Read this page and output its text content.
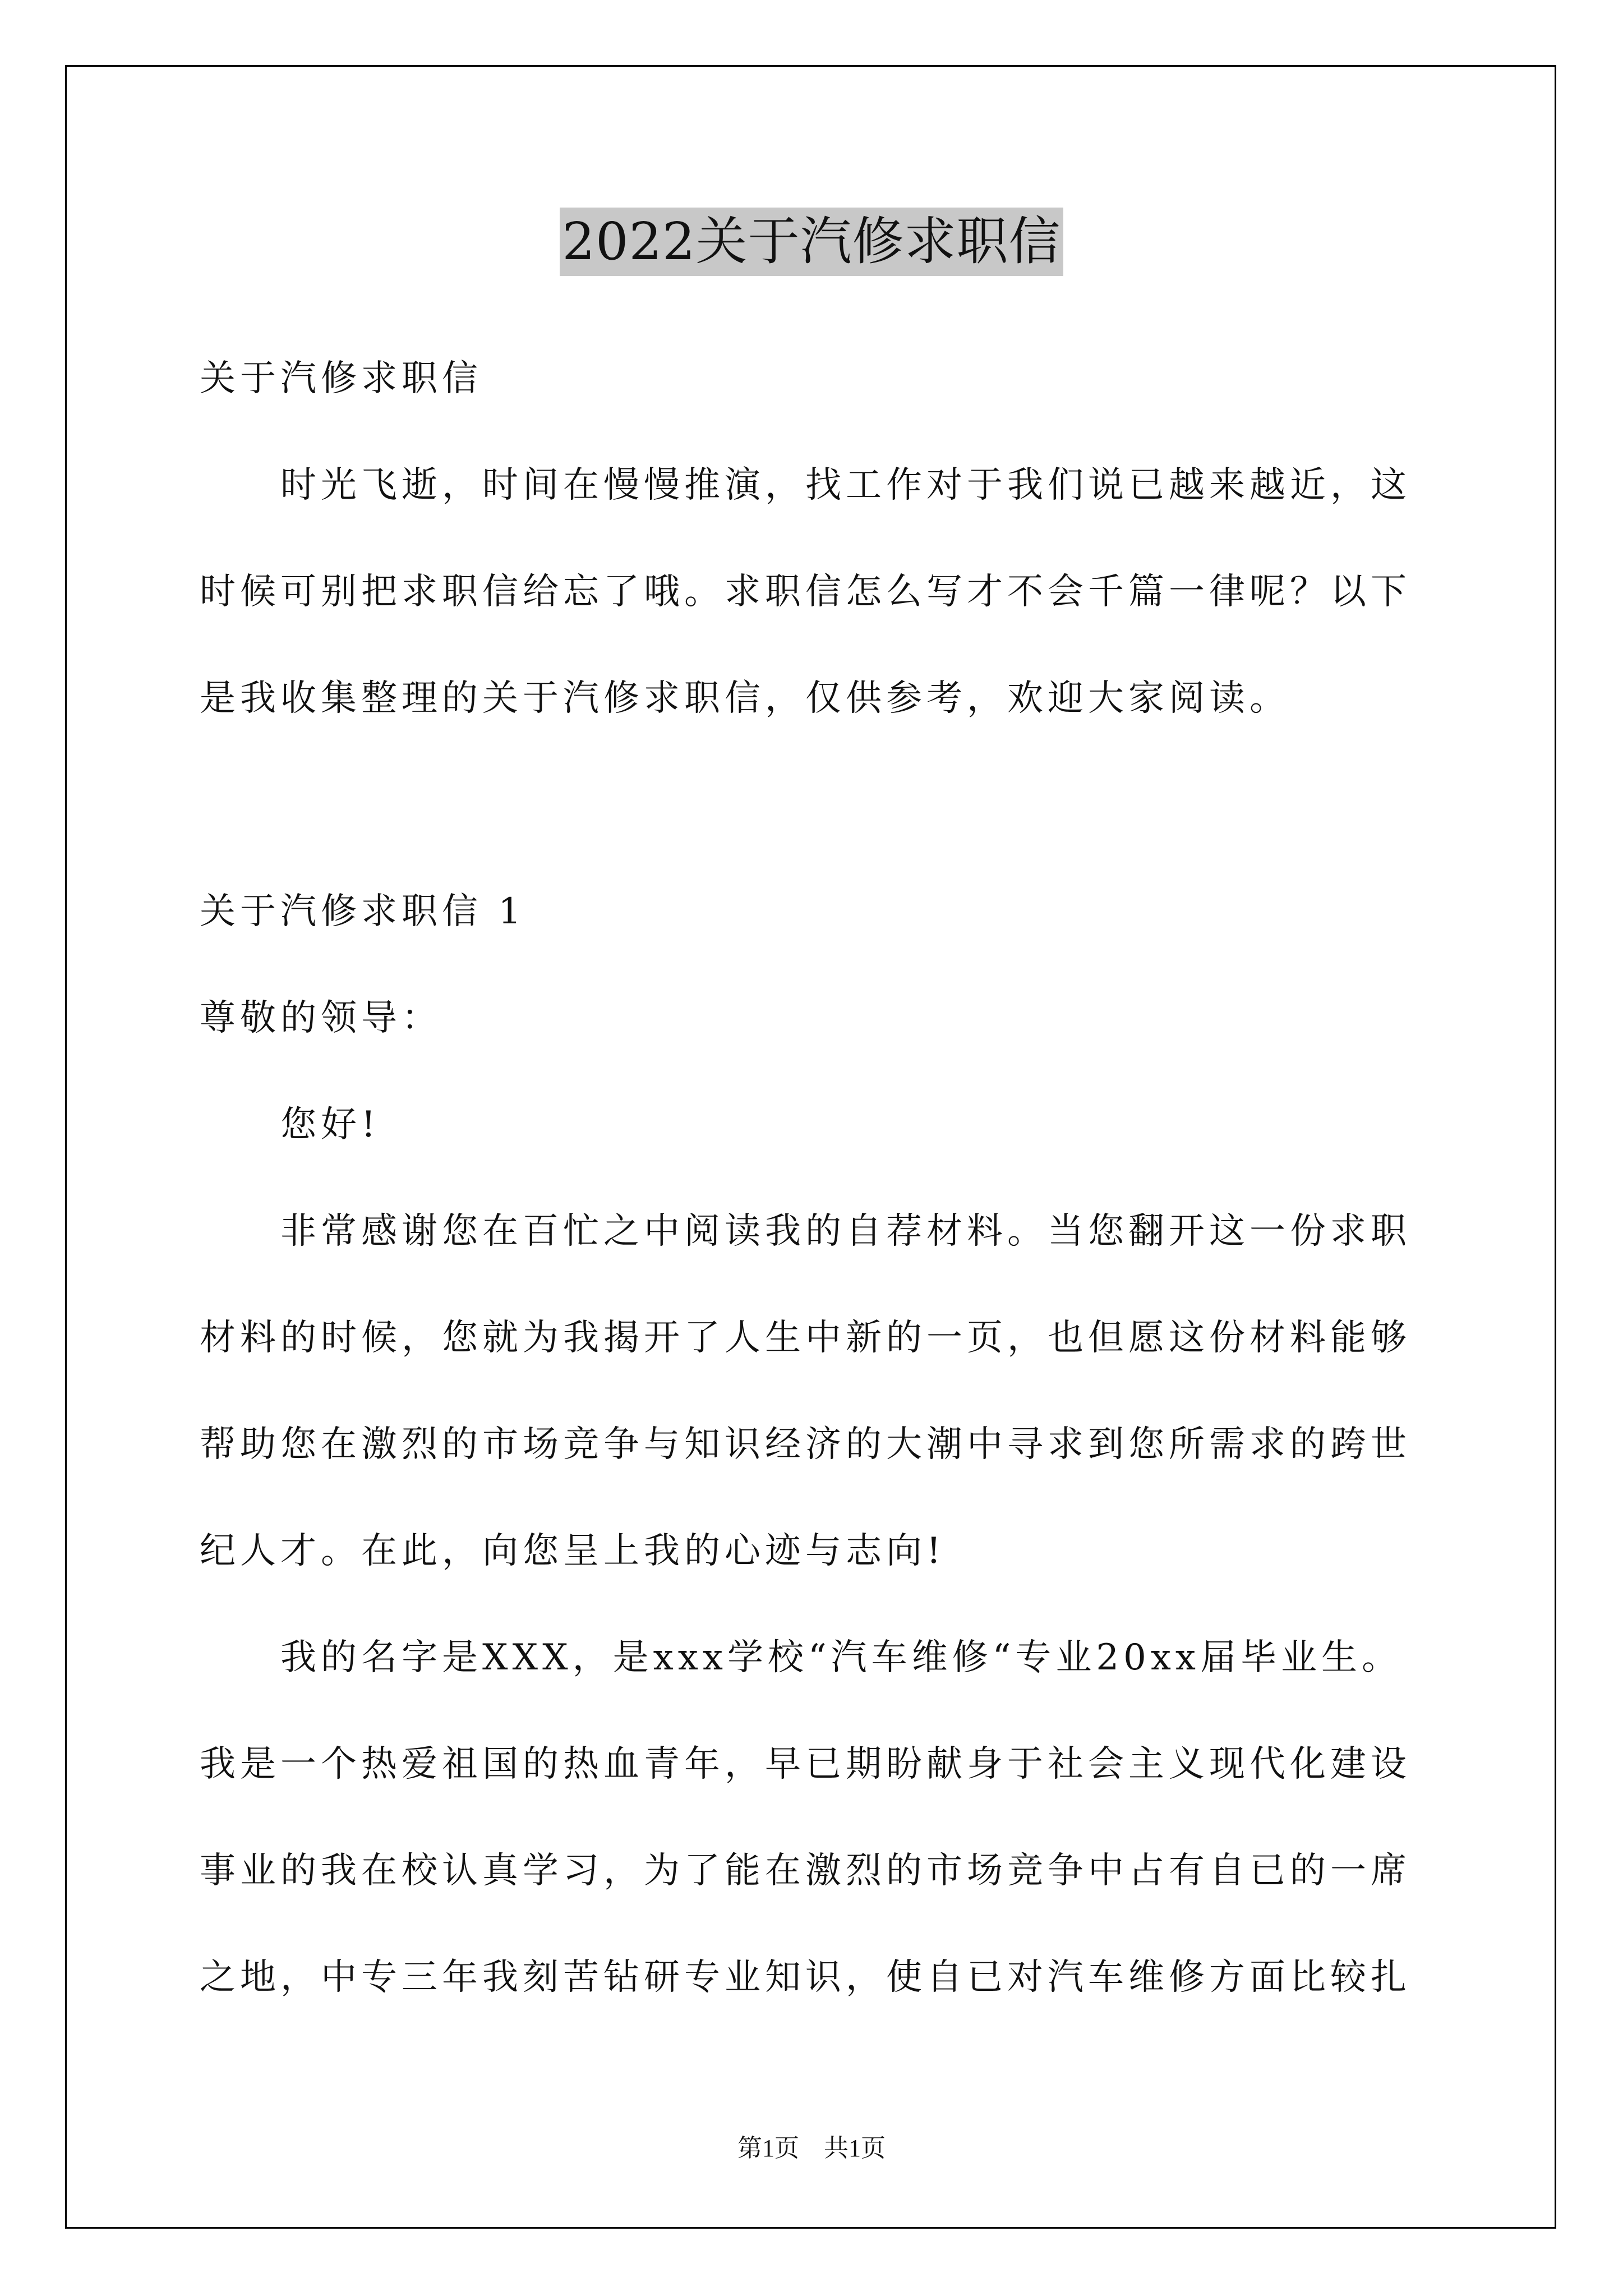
2022关于汽修求职信
关于汽修求职信
时光飞逝，时间在慢慢推演，找工作对于我们说已越来越近，这
时候可别把求职信给忘了哦。求职信怎么写才不会千篇一律呢？以下
是我收集整理的关于汽修求职信，仅供参考，欢迎大家阅读。
关于汽修求职信 1
尊敬的领导：
您好!
非常感谢您在百忙之中阅读我的自荐材料。当您翻开这一份求职
材料的时候，您就为我揭开了人生中新的一页，也但愿这份材料能够
帮助您在激烈的市场竞争与知识经济的大潮中寻求到您所需求的跨世
纪人才。在此，向您呈上我的心迹与志向!
我的名字是XXX，是xxx学校“汽车维修“专业20xx届毕业生。
我是一个热爱祖国的热血青年，早已期盼献身于社会主义现代化建设
事业的我在校认真学习，为了能在激烈的市场竞争中占有自已的一席
之地，中专三年我刻苦钻研专业知识，使自已对汽车维修方面比较扎
第1页　共1页
